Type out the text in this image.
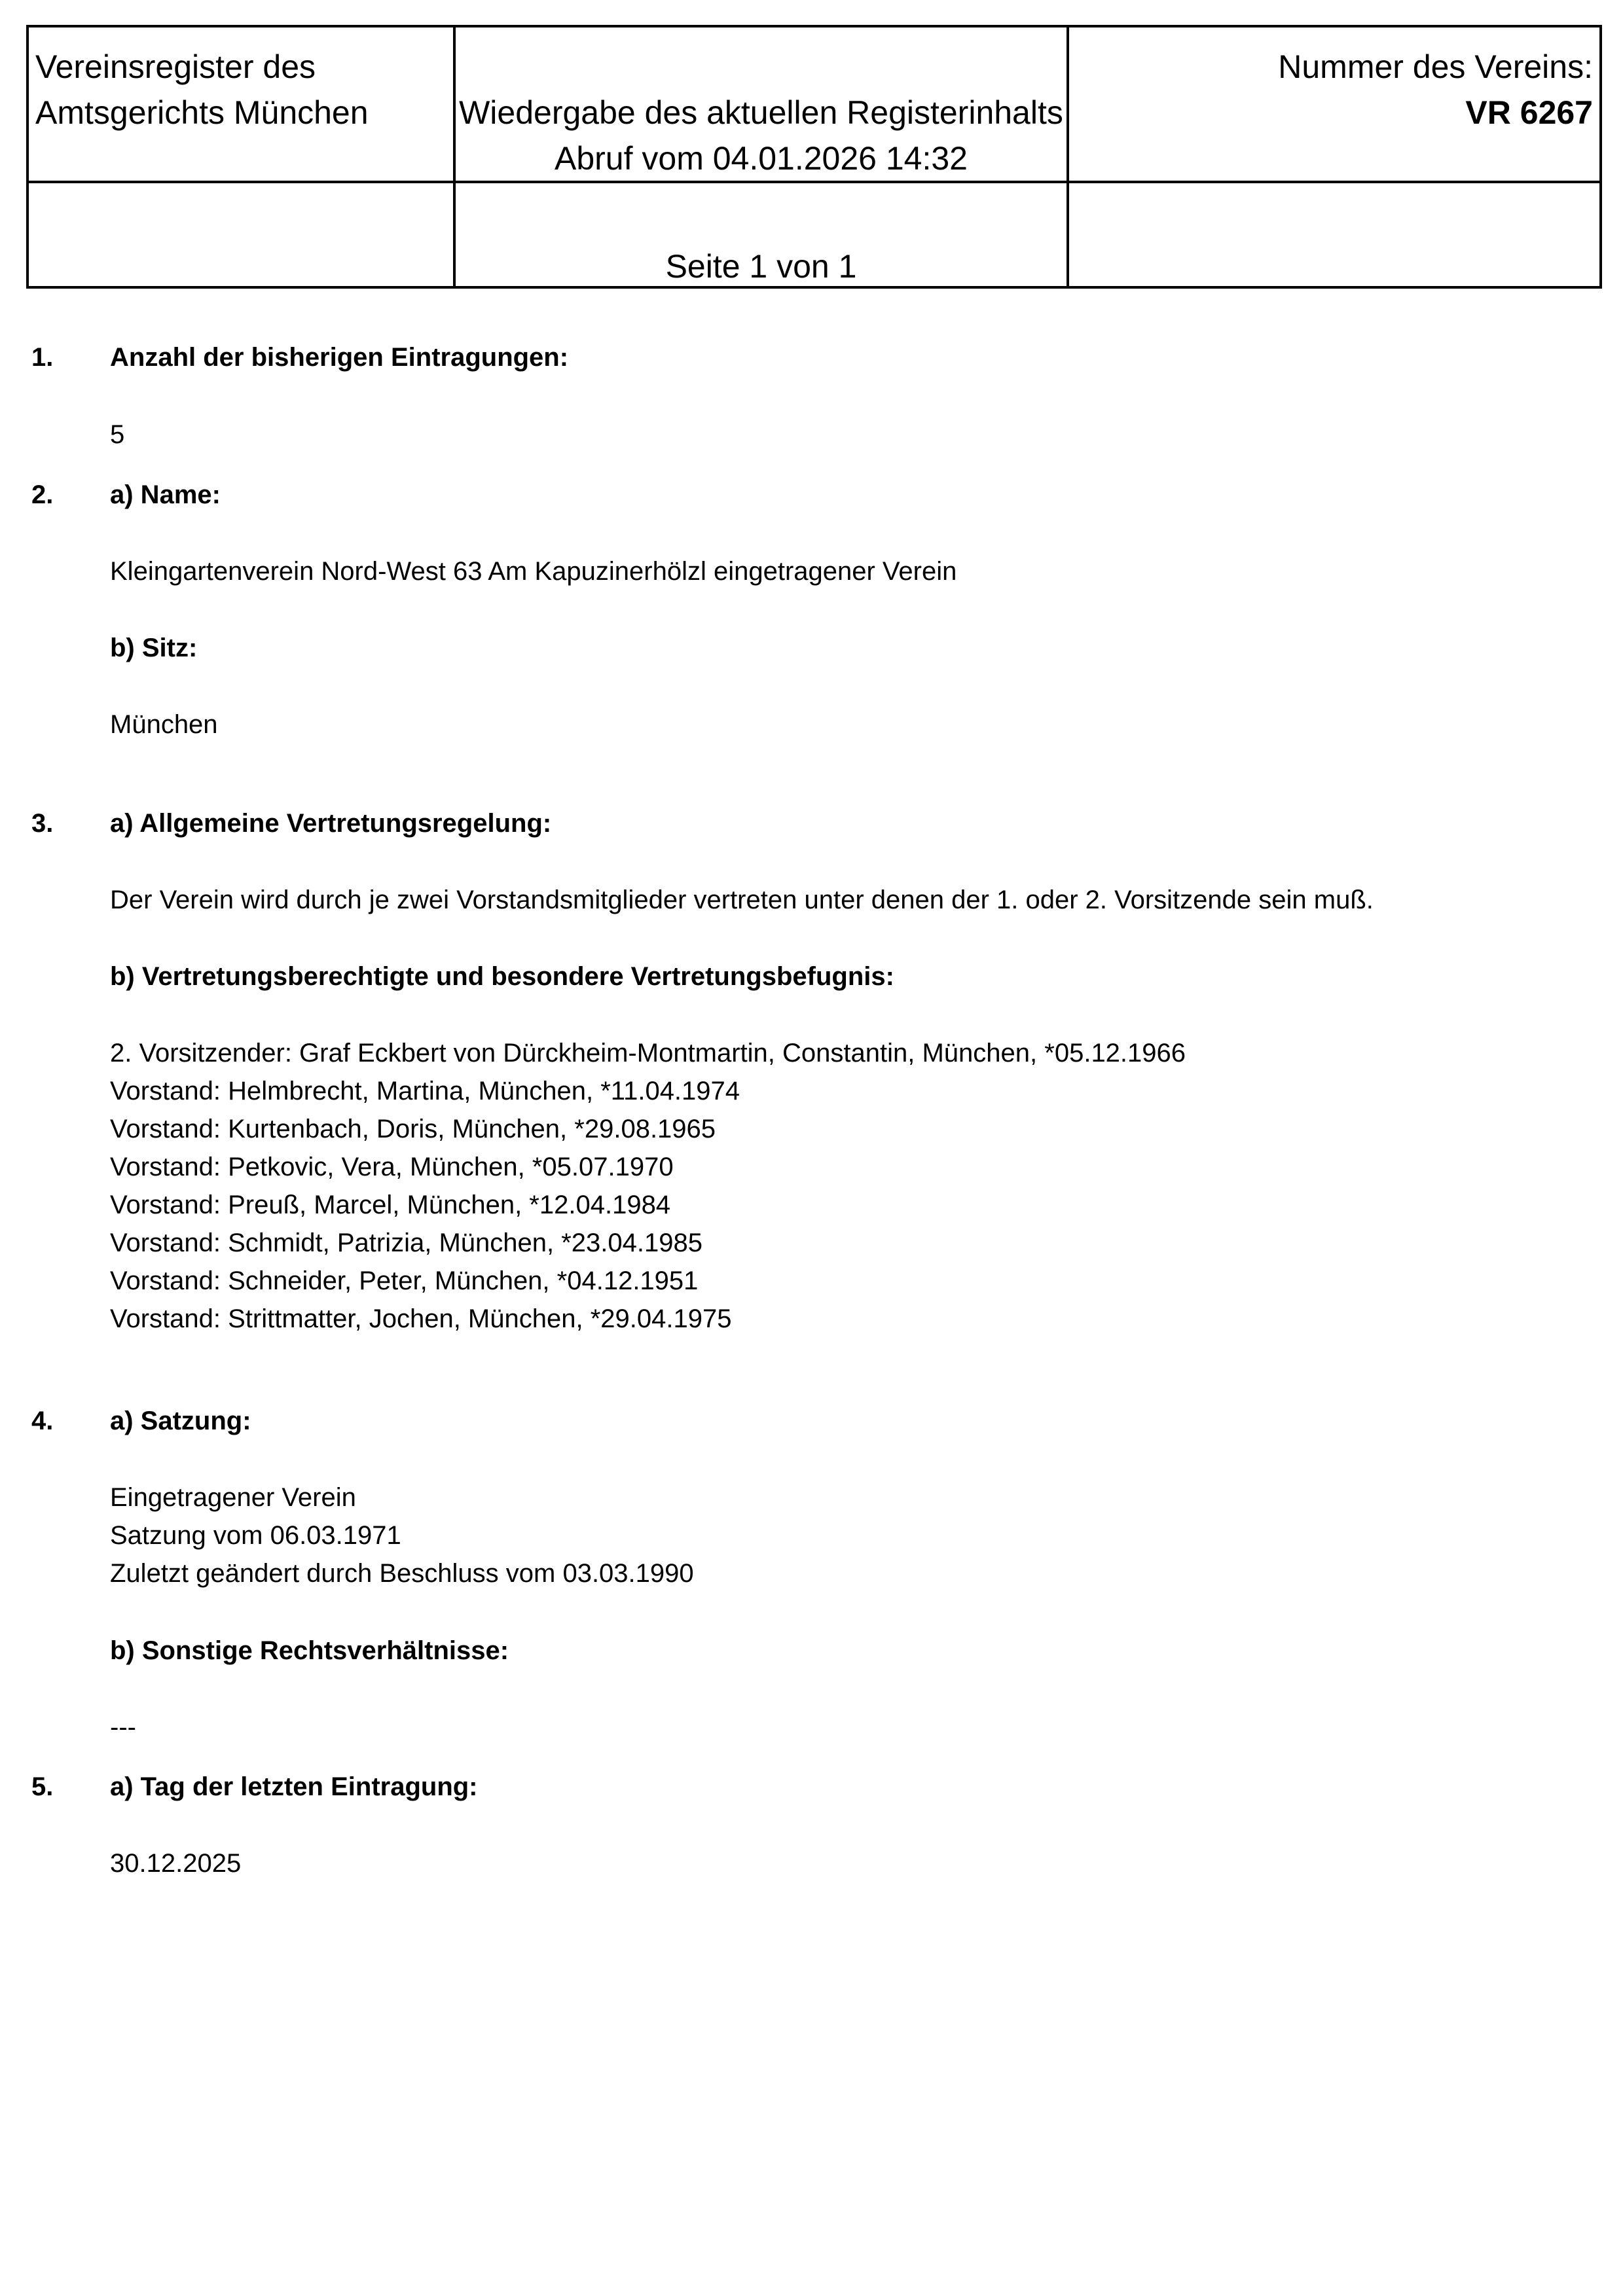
Vereinsregister des
Amtsgerichts München	Wiedergabe des aktuellen Registerinhalts
Abruf vom 04.01.2026 14:32
Seite 1 von 1
Nummer des Vereins:
VR 6267
1. Anzahl der bisherigen Eintragungen:
5
2. a) Name:
Kleingartenverein Nord-West 63 Am Kapuzinerhölzl eingetragener Verein
b) Sitz:
München
3. a) Allgemeine Vertretungsregelung:
Der Verein wird durch je zwei Vorstandsmitglieder vertreten unter denen der 1. oder 2. Vorsitzende sein muß.
b) Vertretungsberechtigte und besondere Vertretungsbefugnis:
2. Vorsitzender: Graf Eckbert von Dürckheim-Montmartin, Constantin, München, *05.12.1966
Vorstand: Helmbrecht, Martina, München, *11.04.1974
Vorstand: Kurtenbach, Doris, München, *29.08.1965
Vorstand: Petkovic, Vera, München, *05.07.1970
Vorstand: Preuß, Marcel, München, *12.04.1984
Vorstand: Schmidt, Patrizia, München, *23.04.1985
Vorstand: Schneider, Peter, München, *04.12.1951
Vorstand: Strittmatter, Jochen, München, *29.04.1975
4. a) Satzung:
Eingetragener Verein
Satzung vom 06.03.1971
Zuletzt geändert durch Beschluss vom 03.03.1990
b) Sonstige Rechtsverhältnisse:
---
5. a) Tag der letzten Eintragung:
30.12.2025
